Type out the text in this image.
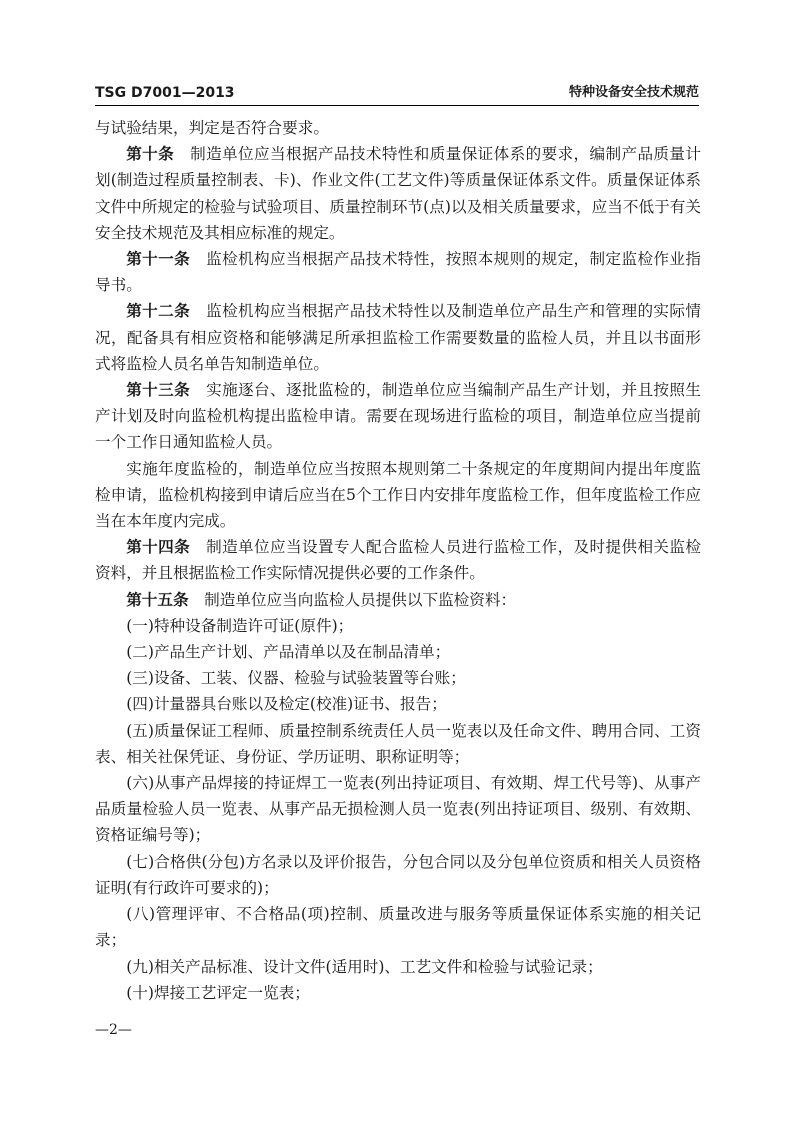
TSG D7001—2013	特种设备安全技术规范

与试验结果，判定是否符合要求。

第十条　制造单位应当根据产品技术特性和质量保证体系的要求，编制产品质量计划(制造过程质量控制表、卡)、作业文件(工艺文件)等质量保证体系文件。质量保证体系文件中所规定的检验与试验项目、质量控制环节(点)以及相关质量要求，应当不低于有关安全技术规范及其相应标准的规定。

第十一条　监检机构应当根据产品技术特性，按照本规则的规定，制定监检作业指导书。

第十二条　监检机构应当根据产品技术特性以及制造单位产品生产和管理的实际情况，配备具有相应资格和能够满足所承担监检工作需要数量的监检人员，并且以书面形式将监检人员名单告知制造单位。

第十三条　实施逐台、逐批监检的，制造单位应当编制产品生产计划，并且按照生产计划及时向监检机构提出监检申请。需要在现场进行监检的项目，制造单位应当提前一个工作日通知监检人员。

实施年度监检的，制造单位应当按照本规则第二十条规定的年度期间内提出年度监检申请，监检机构接到申请后应当在5个工作日内安排年度监检工作，但年度监检工作应当在本年度内完成。

第十四条　制造单位应当设置专人配合监检人员进行监检工作，及时提供相关监检资料，并且根据监检工作实际情况提供必要的工作条件。

第十五条　制造单位应当向监检人员提供以下监检资料：

(一)特种设备制造许可证(原件)；

(二)产品生产计划、产品清单以及在制品清单；

(三)设备、工装、仪器、检验与试验装置等台账；

(四)计量器具台账以及检定(校准)证书、报告；

(五)质量保证工程师、质量控制系统责任人员一览表以及任命文件、聘用合同、工资表、相关社保凭证、身份证、学历证明、职称证明等；

(六)从事产品焊接的持证焊工一览表(列出持证项目、有效期、焊工代号等)、从事产品质量检验人员一览表、从事产品无损检测人员一览表(列出持证项目、级别、有效期、资格证编号等)；

(七)合格供(分包)方名录以及评价报告，分包合同以及分包单位资质和相关人员资格证明(有行政许可要求的)；

(八)管理评审、不合格品(项)控制、质量改进与服务等质量保证体系实施的相关记录；

(九)相关产品标准、设计文件(适用时)、工艺文件和检验与试验记录；

(十)焊接工艺评定一览表；

—2—
